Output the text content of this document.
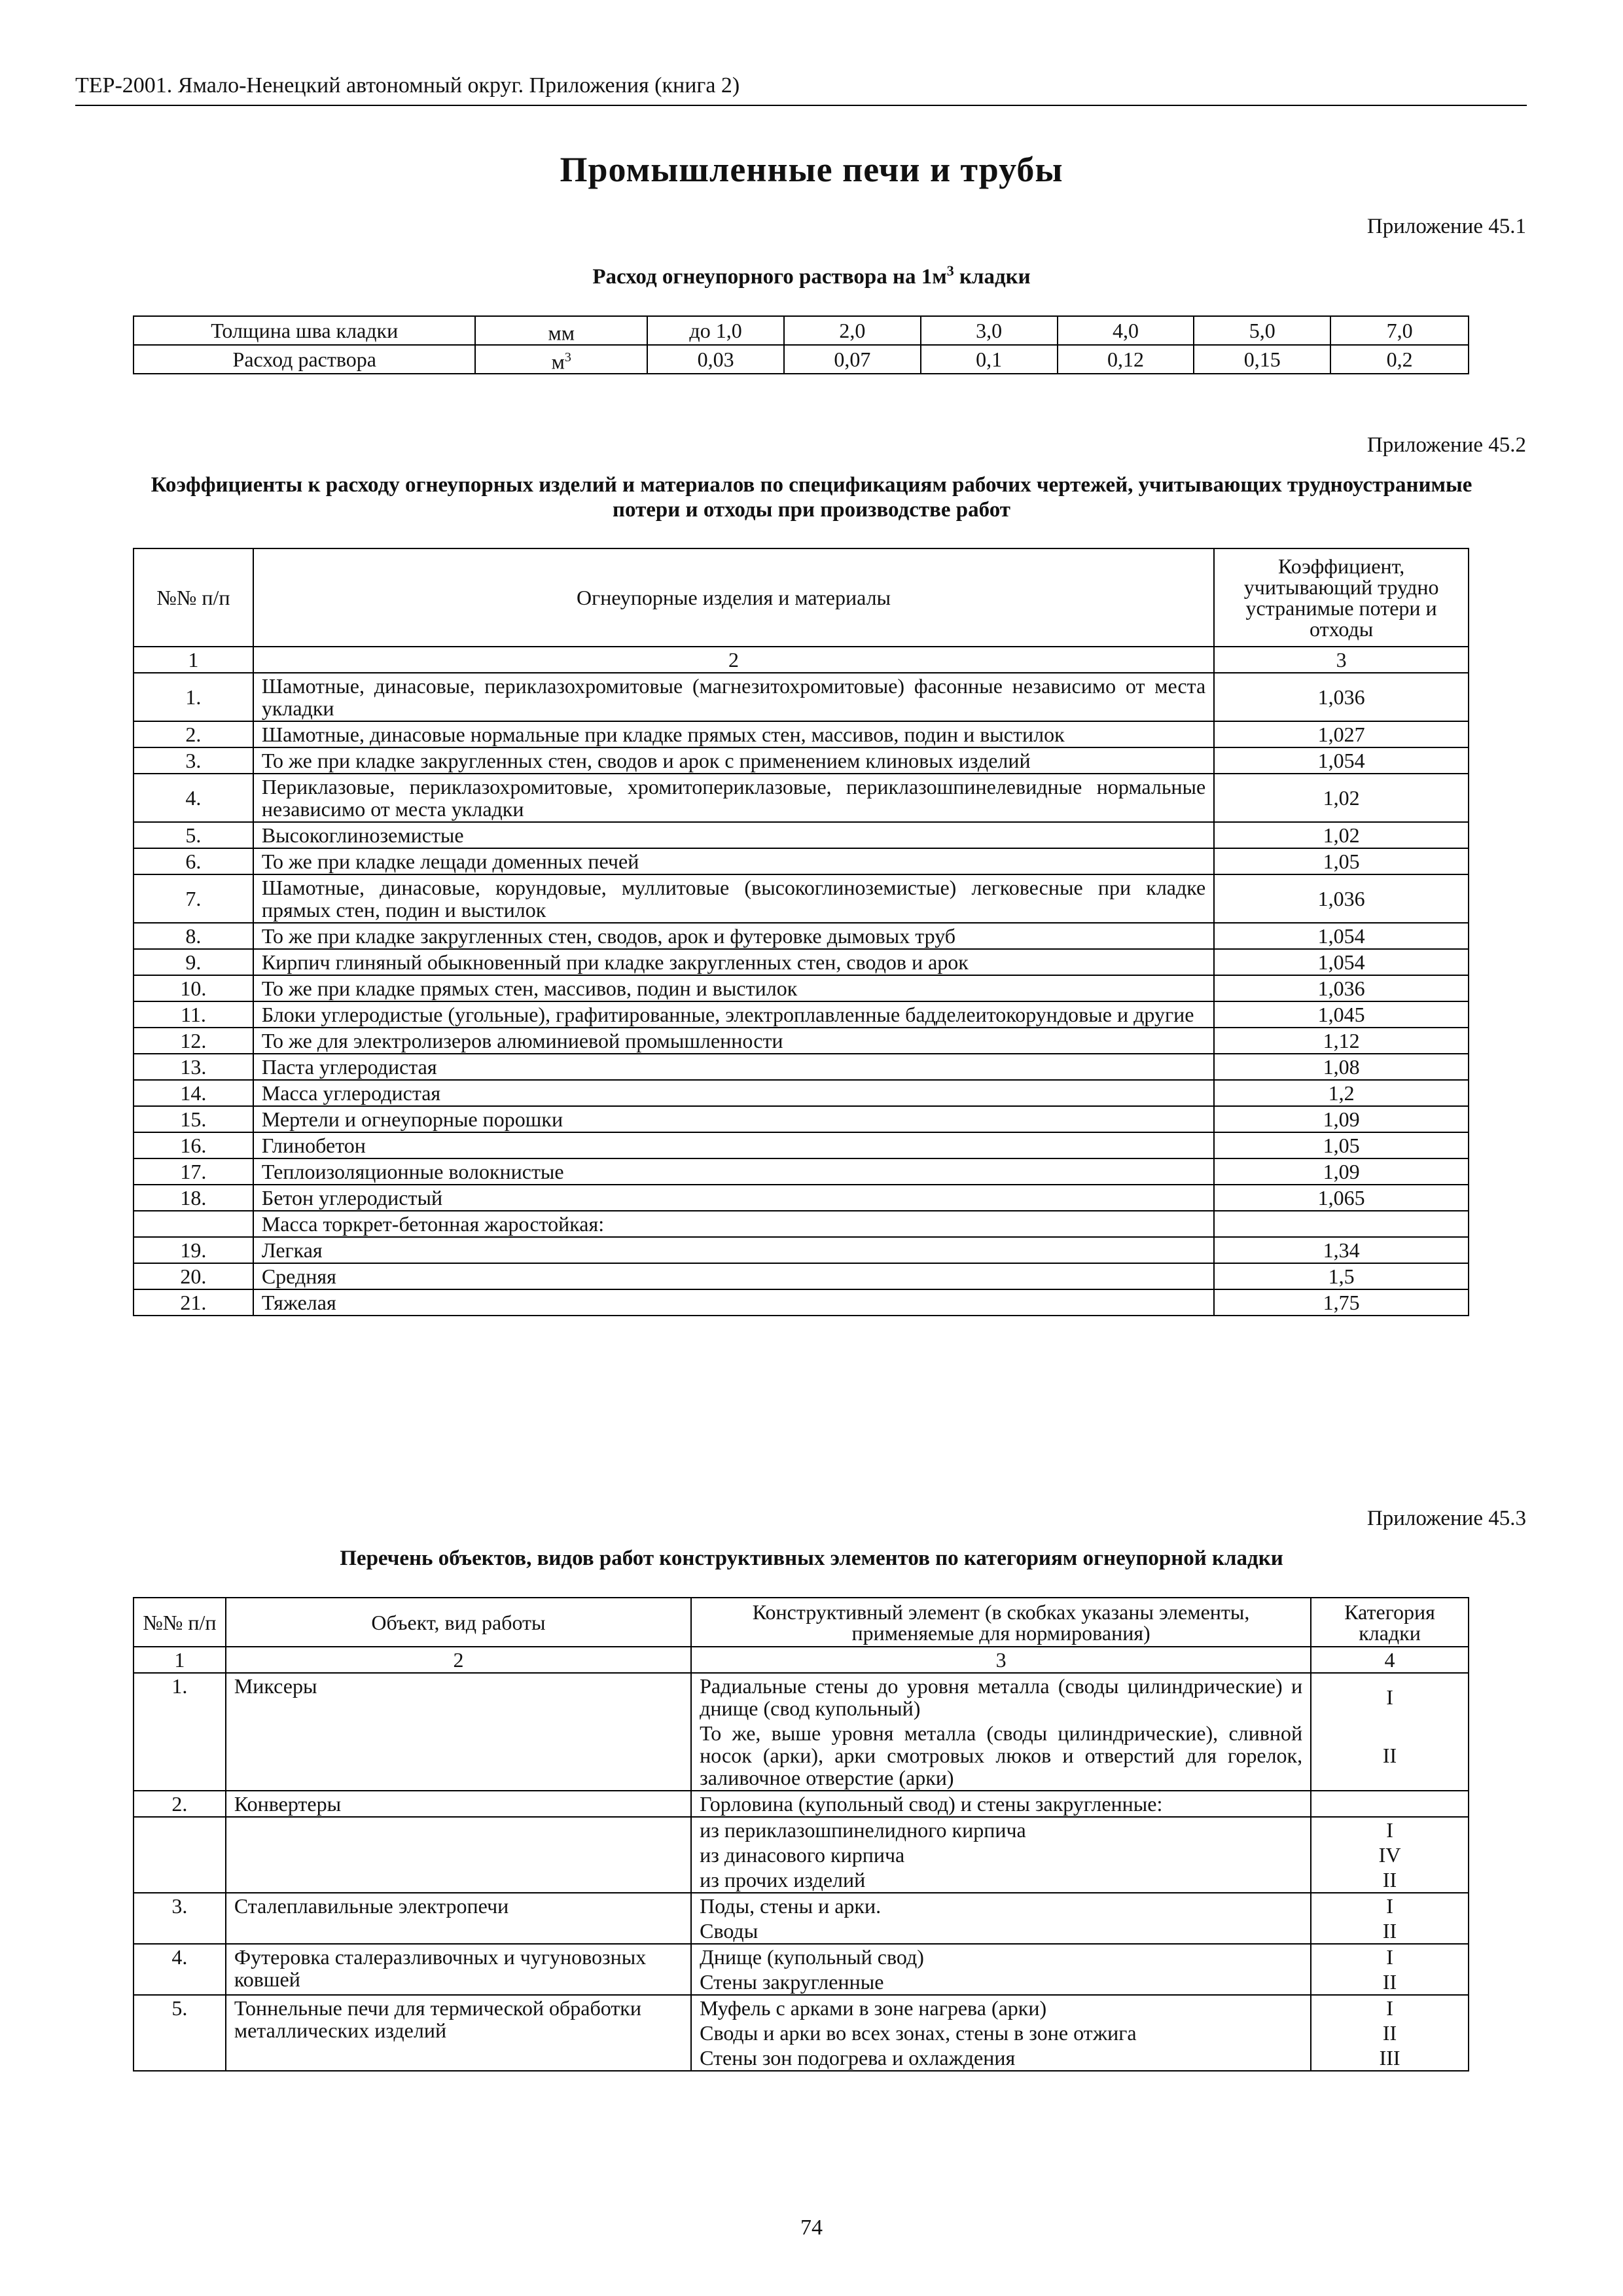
ТЕР-2001. Ямало-Ненецкий автономный округ. Приложения (книга 2)
Промышленные печи и трубы
Приложение 45.1
Расход огнеупорного раствора на $1м^3$ кладки
Толщина шва кладки	мм	до 1,0	2,0	3,0	4,0	5,0	7,0
Расход раствора	$м^3$	0,03	0,07	0,1	0,12	0,15	0,2
Приложение 45.2
Коэффициенты к расходу огнеупорных изделий и материалов по спецификациям рабочих чертежей, учитывающих трудноустранимые потери и отходы при производстве работ
№№ п/п	Огнеупорные изделия и материалы	Коэффициент, учитывающий трудно устранимые потери и отходы
1	2	3
1.	Шамотные, динасовые, периклазохромитовые (магнезитохромитовые) фасонные независимо от места укладки	1,036
2.	Шамотные, динасовые нормальные при кладке прямых стен, массивов, подин и выстилок	1,027
3.	То же при кладке закругленных стен, сводов и арок с применением клиновых изделий	1,054
4.	Периклазовые, периклазохромитовые, хромитопериклазовые, периклазошпинелевидные нормальные независимо от места укладки	1,02
5.	Высокоглиноземистые	1,02
6.	То же при кладке лещади доменных печей	1,05
7.	Шамотные, динасовые, корундовые, муллитовые (высокоглиноземистые) легковесные при кладке прямых стен, подин и выстилок	1,036
8.	То же при кладке закругленных стен, сводов, арок и футеровке дымовых труб	1,054
9.	Кирпич глиняный обыкновенный при кладке закругленных стен, сводов и арок	1,054
10.	То же при кладке прямых стен, массивов, подин и выстилок	1,036
11.	Блоки углеродистые (угольные), графитированные, электроплавленные бадделеитокорундовые и другие	1,045
12.	То же для электролизеров алюминиевой промышленности	1,12
13.	Паста углеродистая	1,08
14.	Масса углеродистая	1,2
15.	Мертели и огнеупорные порошки	1,09
16.	Глинобетон	1,05
17.	Теплоизоляционные волокнистые	1,09
18.	Бетон углеродистый	1,065
	Масса торкрет-бетонная жаростойкая:	
19.	Легкая	1,34
20.	Средняя	1,5
21.	Тяжелая	1,75
Приложение 45.3
Перечень объектов, видов работ конструктивных элементов по категориям огнеупорной кладки
№№ п/п	Объект, вид работы	Конструктивный элемент (в скобках указаны элементы, применяемые для нормирования)	Категория кладки
1	2	3	4
1.	Миксеры	Радиальные стены до уровня металла (своды цилиндрические) и днище (свод купольный)	I
		То же, выше уровня металла (своды цилиндрические), сливной носок (арки), арки смотровых люков и отверстий для горелок, заливочное отверстие (арки)	II
2.	Конвертеры	Горловина (купольный свод) и стены закругленные:	
		из периклазошпинелидного кирпича	I
		из динасового кирпича	IV
		из прочих изделий	II
3.	Сталеплавильные электропечи	Поды, стены и арки.	I
		Своды	II
4.	Футеровка сталеразливочных и чугуновозных ковшей	Днище (купольный свод)	I
		Стены закругленные	II
5.	Тоннельные печи для термической обработки металлических изделий	Муфель с арками в зоне нагрева (арки)	I
		Своды и арки во всех зонах, стены в зоне отжига	II
		Стены зон подогрева и охлаждения	III
74
